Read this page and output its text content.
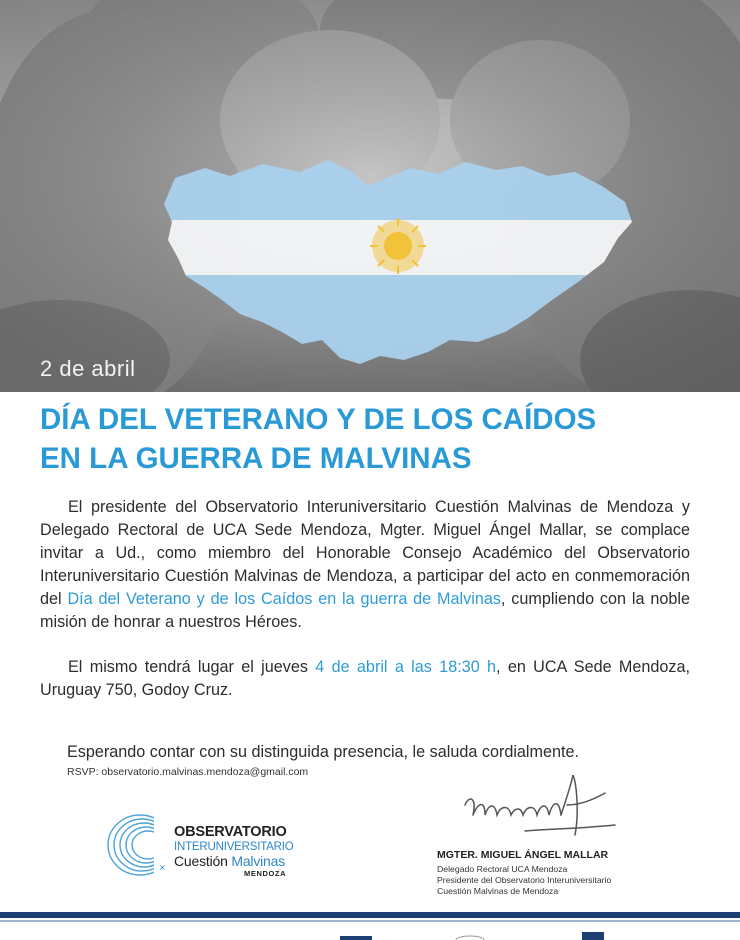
2 de abril
DÍA DEL VETERANO Y DE LOS CAÍDOS
EN LA GUERRA DE MALVINAS

El presidente del Observatorio Interuniversitario Cuestión Malvinas de Mendoza y Delegado Rectoral de UCA Sede Mendoza, Mgter. Miguel Ángel Mallar, se complace invitar a Ud., como miembro del Honorable Consejo Académico del Observatorio Interuniversitario Cuestión Malvinas de Mendoza, a participar del acto en conmemoración del Día del Veterano y de los Caídos en la guerra de Malvinas, cumpliendo con la noble misión de honrar a nuestros Héroes.

El mismo tendrá lugar el jueves 4 de abril a las 18:30 h, en UCA Sede Mendoza, Uruguay 750, Godoy Cruz.

Esperando contar con su distinguida presencia, le saluda cordialmente.
RSVP: observatorio.malvinas.mendoza@gmail.com
×
OBSERVATORIO
INTERUNIVERSITARIO
Cuestión Malvinas
MENDOZA
MGTER. MIGUEL ÁNGEL MALLAR
Delegado Rectoral UCA Mendoza
Presidente del Observatorio Interuniversitario
Cuestión Malvinas de Mendoza
